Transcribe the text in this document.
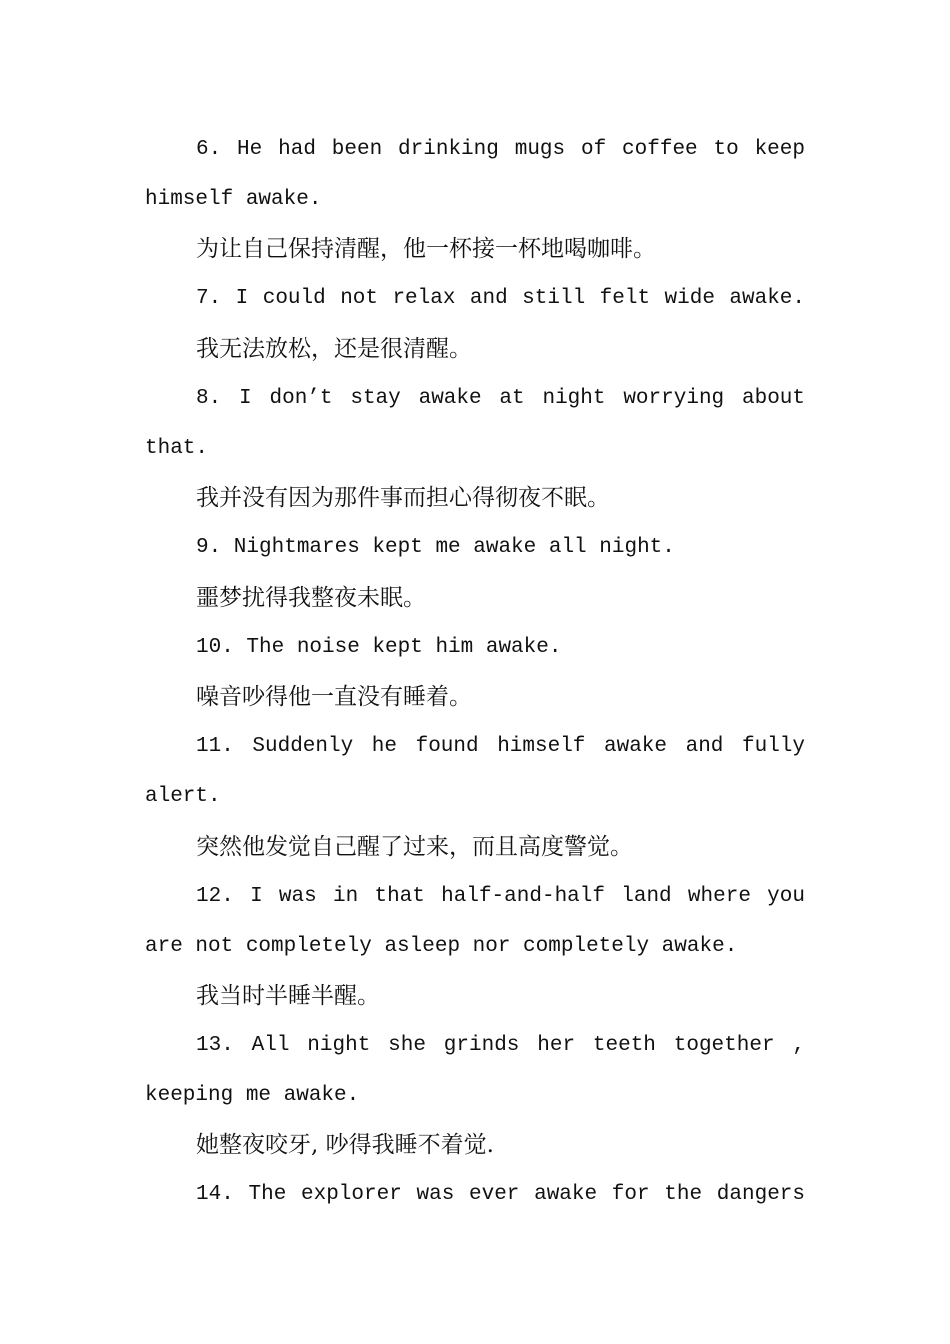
6. He had been drinking mugs of coffee to keep
himself awake.
为让自己保持清醒，他一杯接一杯地喝咖啡。
7. I could not relax and still felt wide awake.
我无法放松，还是很清醒。
8. I don’t stay awake at night worrying about
that.
我并没有因为那件事而担心得彻夜不眠。
9. Nightmares kept me awake all night.
噩梦扰得我整夜未眠。
10. The noise kept him awake.
噪音吵得他一直没有睡着。
11. Suddenly he found himself awake and fully
alert.
突然他发觉自己醒了过来，而且高度警觉。
12. I was in that half-and-half land where you
are not completely asleep nor completely awake.
我当时半睡半醒。
13. All night she grinds her teeth together ,
keeping me awake.
她整夜咬牙, 吵得我睡不着觉.
14. The explorer was ever awake for the dangers
